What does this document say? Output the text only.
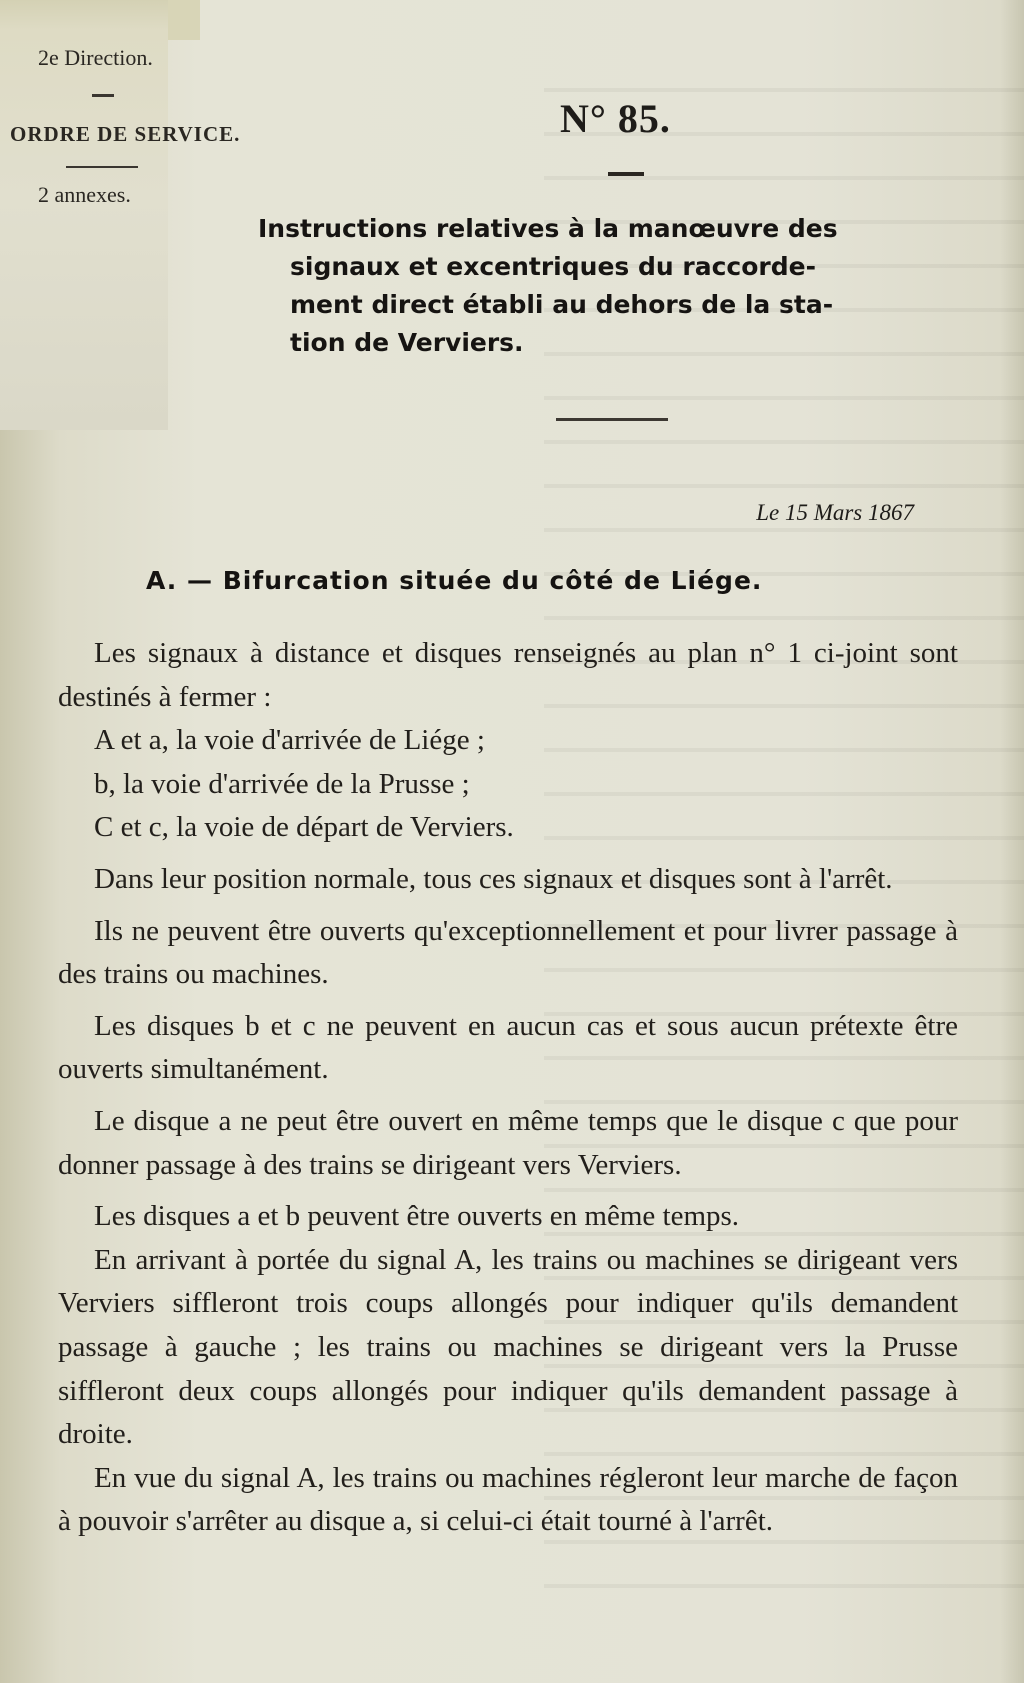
2e Direction.
ORDRE DE SERVICE.
2 annexes.
N° 85.
Instructions relatives à la manœuvre des
signaux et excentriques du raccorde-
ment direct établi au dehors de la sta-
tion de Verviers.
Le 15 Mars 1867
A. — Bifurcation située du côté de Liége.

Les signaux à distance et disques renseignés au plan n° 1 ci-joint sont destinés à fermer :

A et a, la voie d'arrivée de Liége ;

b, la voie d'arrivée de la Prusse ;

C et c, la voie de départ de Verviers.

Dans leur position normale, tous ces signaux et disques sont à l'arrêt.

Ils ne peuvent être ouverts qu'exceptionnellement et pour livrer passage à des trains ou machines.

Les disques b et c ne peuvent en aucun cas et sous aucun prétexte être ouverts simultanément.

Le disque a ne peut être ouvert en même temps que le disque c que pour donner passage à des trains se dirigeant vers Verviers.

Les disques a et b peuvent être ouverts en même temps.

En arrivant à portée du signal A, les trains ou machines se dirigeant vers Verviers siffleront trois coups allongés pour indiquer qu'ils demandent passage à gauche ; les trains ou machines se dirigeant vers la Prusse siffleront deux coups allongés pour indiquer qu'ils demandent passage à droite.

En vue du signal A, les trains ou machines régleront leur marche de façon à pouvoir s'arrêter au disque a, si celui-ci était tourné à l'arrêt.
